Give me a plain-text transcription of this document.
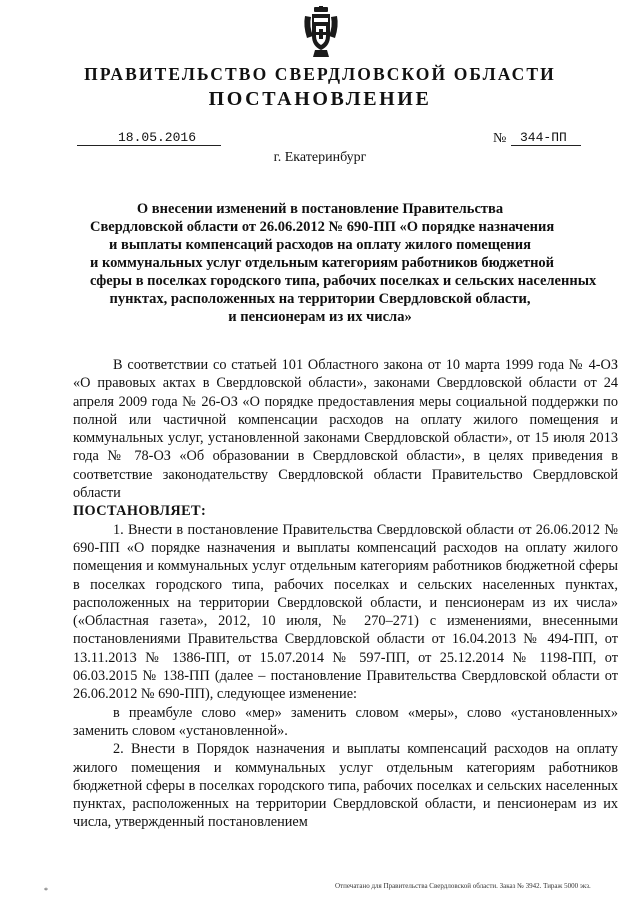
ПРАВИТЕЛЬСТВО СВЕРДЛОВСКОЙ ОБЛАСТИ
ПОСТАНОВЛЕНИЕ
18.05.2016	№ 344-ПП
г. Екатеринбург
О внесении изменений в постановление Правительства
Свердловской области от 26.06.2012 № 690-ПП «О порядке назначения
и выплаты компенсаций расходов на оплату жилого помещения
и коммунальных услуг отдельным категориям работников бюджетной
сферы в поселках городского типа, рабочих поселках и сельских населенных
пунктах, расположенных на территории Свердловской области,
и пенсионерам из их числа»

В соответствии со статьей 101 Областного закона от 10 марта 1999 года № 4-ОЗ «О правовых актах в Свердловской области», законами Свердловской области от 24 апреля 2009 года № 26-ОЗ «О порядке предоставления меры социальной поддержки по полной или частичной компенсации расходов на оплату жилого помещения и коммунальных услуг, установленной законами Свердловской области», от 15 июля 2013 года № 78-ОЗ «Об образовании в Свердловской области», в целях приведения в соответствие законодательству Свердловской области Правительство Свердловской области

ПОСТАНОВЛЯЕТ:

1. Внести в постановление Правительства Свердловской области от 26.06.2012 № 690-ПП «О порядке назначения и выплаты компенсаций расходов на оплату жилого помещения и коммунальных услуг отдельным категориям работников бюджетной сферы в поселках городского типа, рабочих поселках и сельских населенных пунктах, расположенных на территории Свердловской области, и пенсионерам из их числа» («Областная газета», 2012, 10 июля, № 270–271) с изменениями, внесенными постановлениями Правительства Свердловской области от 16.04.2013 № 494-ПП, от 13.11.2013 № 1386-ПП, от 15.07.2014 № 597-ПП, от 25.12.2014 № 1198-ПП, от 06.03.2015 № 138-ПП (далее – постановление Правительства Свердловской области от 26.06.2012 № 690-ПП), следующее изменение:

в преамбуле слово «мер» заменить словом «меры», слово «установленных» заменить словом «установленной».

2. Внести в Порядок назначения и выплаты компенсаций расходов на оплату жилого помещения и коммунальных услуг отдельным категориям работников бюджетной сферы в поселках городского типа, рабочих поселках и сельских населенных пунктах, расположенных на территории Свердловской области, и пенсионерам из их числа, утвержденный постановлением

*	Отпечатано для Правительства Свердловской области. Заказ № 3942. Тираж 5000 экз.
